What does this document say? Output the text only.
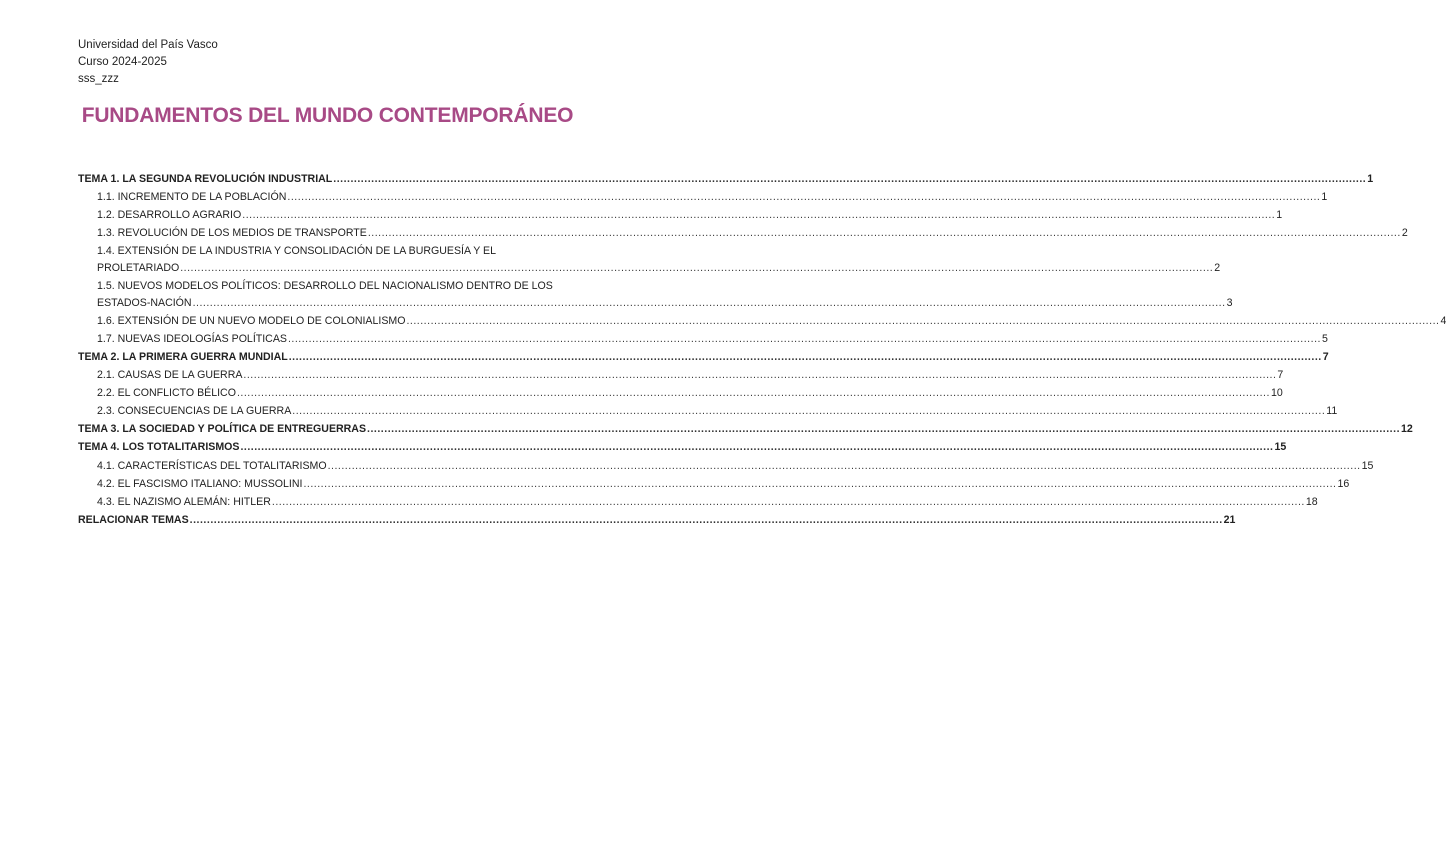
Universidad del País Vasco
Curso 2024-2025
sss_zzz
FUNDAMENTOS DEL MUNDO CONTEMPORÁNEO
TEMA 1. LA SEGUNDA REVOLUCIÓN INDUSTRIAL ............................................................................................................................................................................................................................................................................................................ 1
1.1. INCREMENTO DE LA POBLACIÓN ............................................................................................................................................................................................................................................................................................................ 1
1.2. DESARROLLO AGRARIO ............................................................................................................................................................................................................................................................................................................ 1
1.3. REVOLUCIÓN DE LOS MEDIOS DE TRANSPORTE ............................................................................................................................................................................................................................................................................................................ 2
1.4. EXTENSIÓN DE LA INDUSTRIA Y CONSOLIDACIÓN DE LA BURGUESÍA Y EL
PROLETARIADO ............................................................................................................................................................................................................................................................................................................ 2
1.5. NUEVOS MODELOS POLÍTICOS: DESARROLLO DEL NACIONALISMO DENTRO DE LOS
ESTADOS-NACIÓN ............................................................................................................................................................................................................................................................................................................ 3
1.6. EXTENSIÓN DE UN NUEVO MODELO DE COLONIALISMO ............................................................................................................................................................................................................................................................................................................ 4
1.7. NUEVAS IDEOLOGÍAS POLÍTICAS ............................................................................................................................................................................................................................................................................................................ 5
TEMA 2. LA PRIMERA GUERRA MUNDIAL ............................................................................................................................................................................................................................................................................................................ 7
2.1. CAUSAS DE LA GUERRA ............................................................................................................................................................................................................................................................................................................ 7
2.2. EL CONFLICTO BÉLICO ............................................................................................................................................................................................................................................................................................................ 10
2.3. CONSECUENCIAS DE LA GUERRA ............................................................................................................................................................................................................................................................................................................ 11
TEMA 3. LA SOCIEDAD Y POLÍTICA DE ENTREGUERRAS ............................................................................................................................................................................................................................................................................................................ 12
TEMA 4. LOS TOTALITARISMOS ............................................................................................................................................................................................................................................................................................................ 15
4.1. CARACTERÍSTICAS DEL TOTALITARISMO ............................................................................................................................................................................................................................................................................................................ 15
4.2. EL FASCISMO ITALIANO: MUSSOLINI ............................................................................................................................................................................................................................................................................................................ 16
4.3. EL NAZISMO ALEMÁN: HITLER ............................................................................................................................................................................................................................................................................................................ 18
RELACIONAR TEMAS ............................................................................................................................................................................................................................................................................................................ 21
